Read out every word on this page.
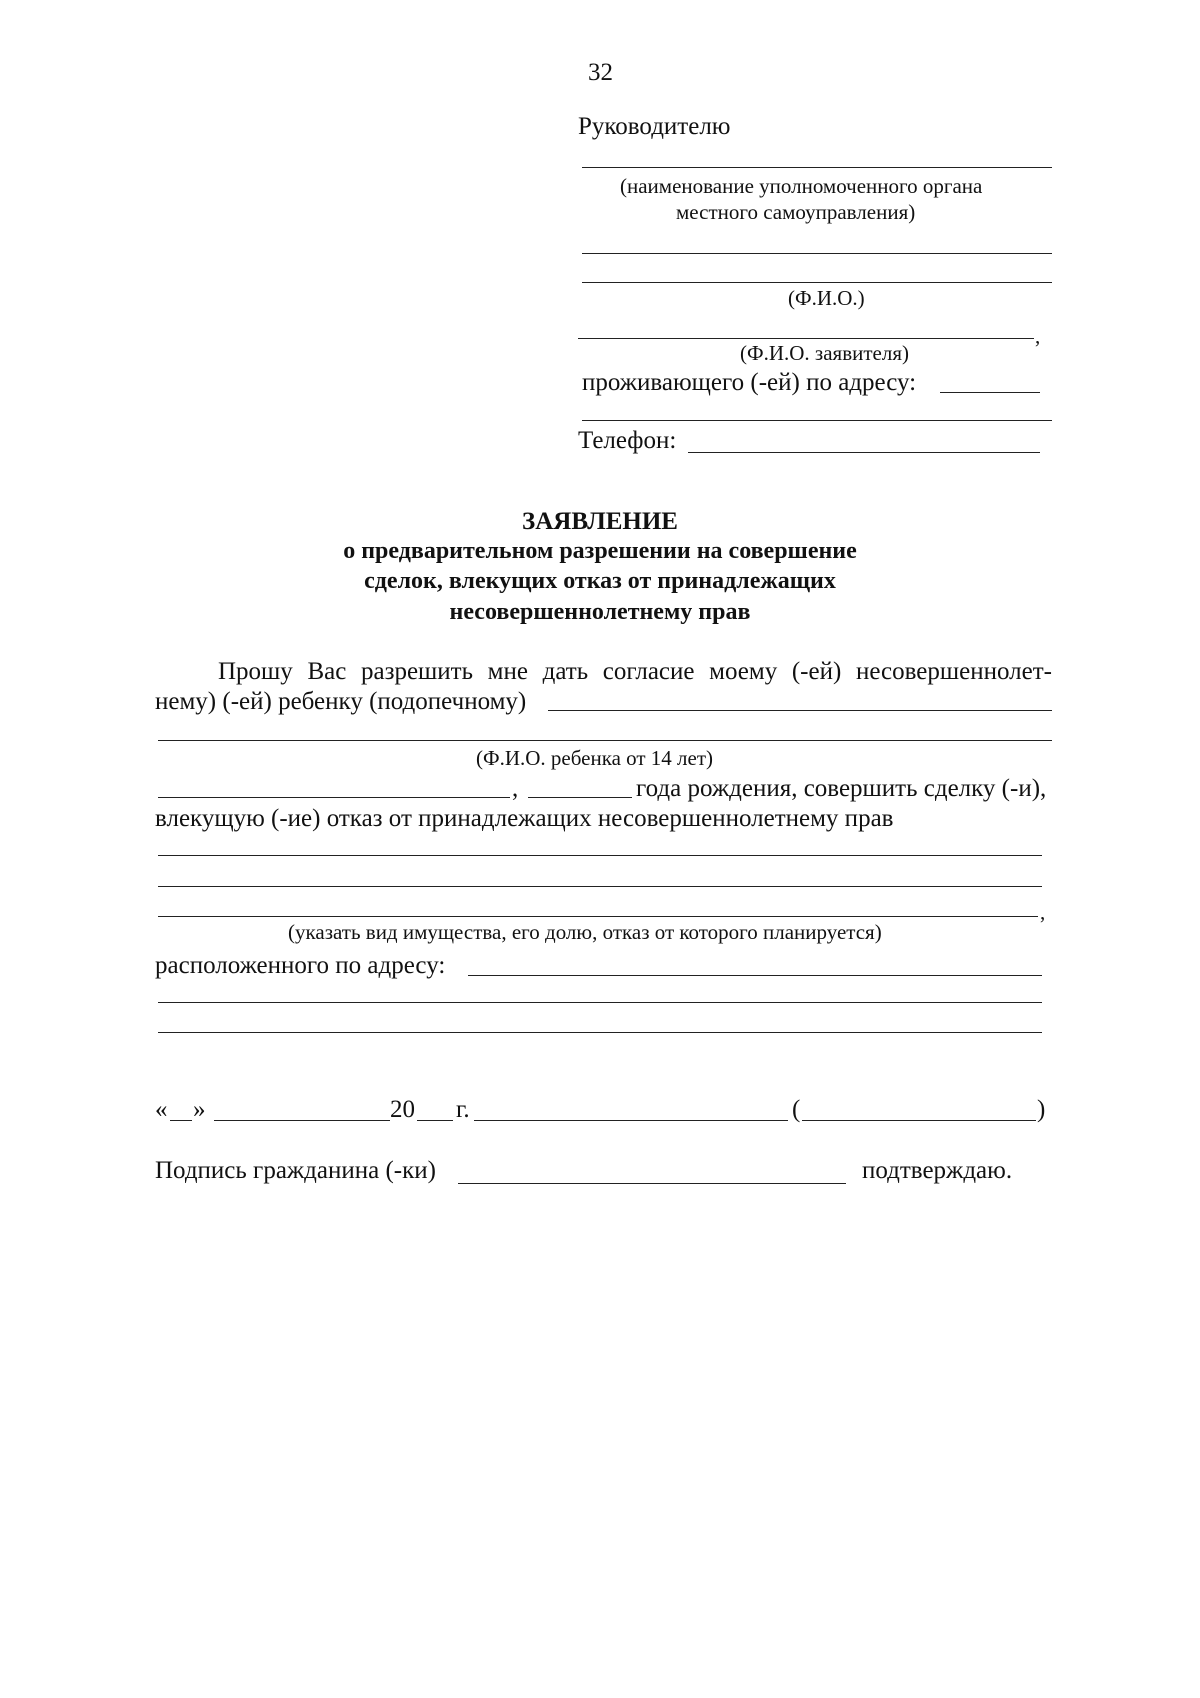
32
Руководителю
(наименование уполномоченного органа
местного самоуправления)
(Ф.И.О.)
,
(Ф.И.О. заявителя)
проживающего (-ей) по адресу:
Телефон:
ЗАЯВЛЕНИЕ
о предварительном разрешении на совершение
сделок, влекущих отказ от принадлежащих
несовершеннолетнему прав
Прошу Вас разрешить мне дать согласие моему (-ей) несовершеннолет-
нему) (-ей) ребенку (подопечному)
(Ф.И.О. ребенка от 14 лет)
,	года рождения, совершить сделку (-и),
влекущую (-ие) отказ от принадлежащих несовершеннолетнему прав
,
(указать вид имущества, его долю, отказ от которого планируется)
расположенного по адресу:
« »	20 г.	(	)
Подпись гражданина (-ки)	подтверждаю.
